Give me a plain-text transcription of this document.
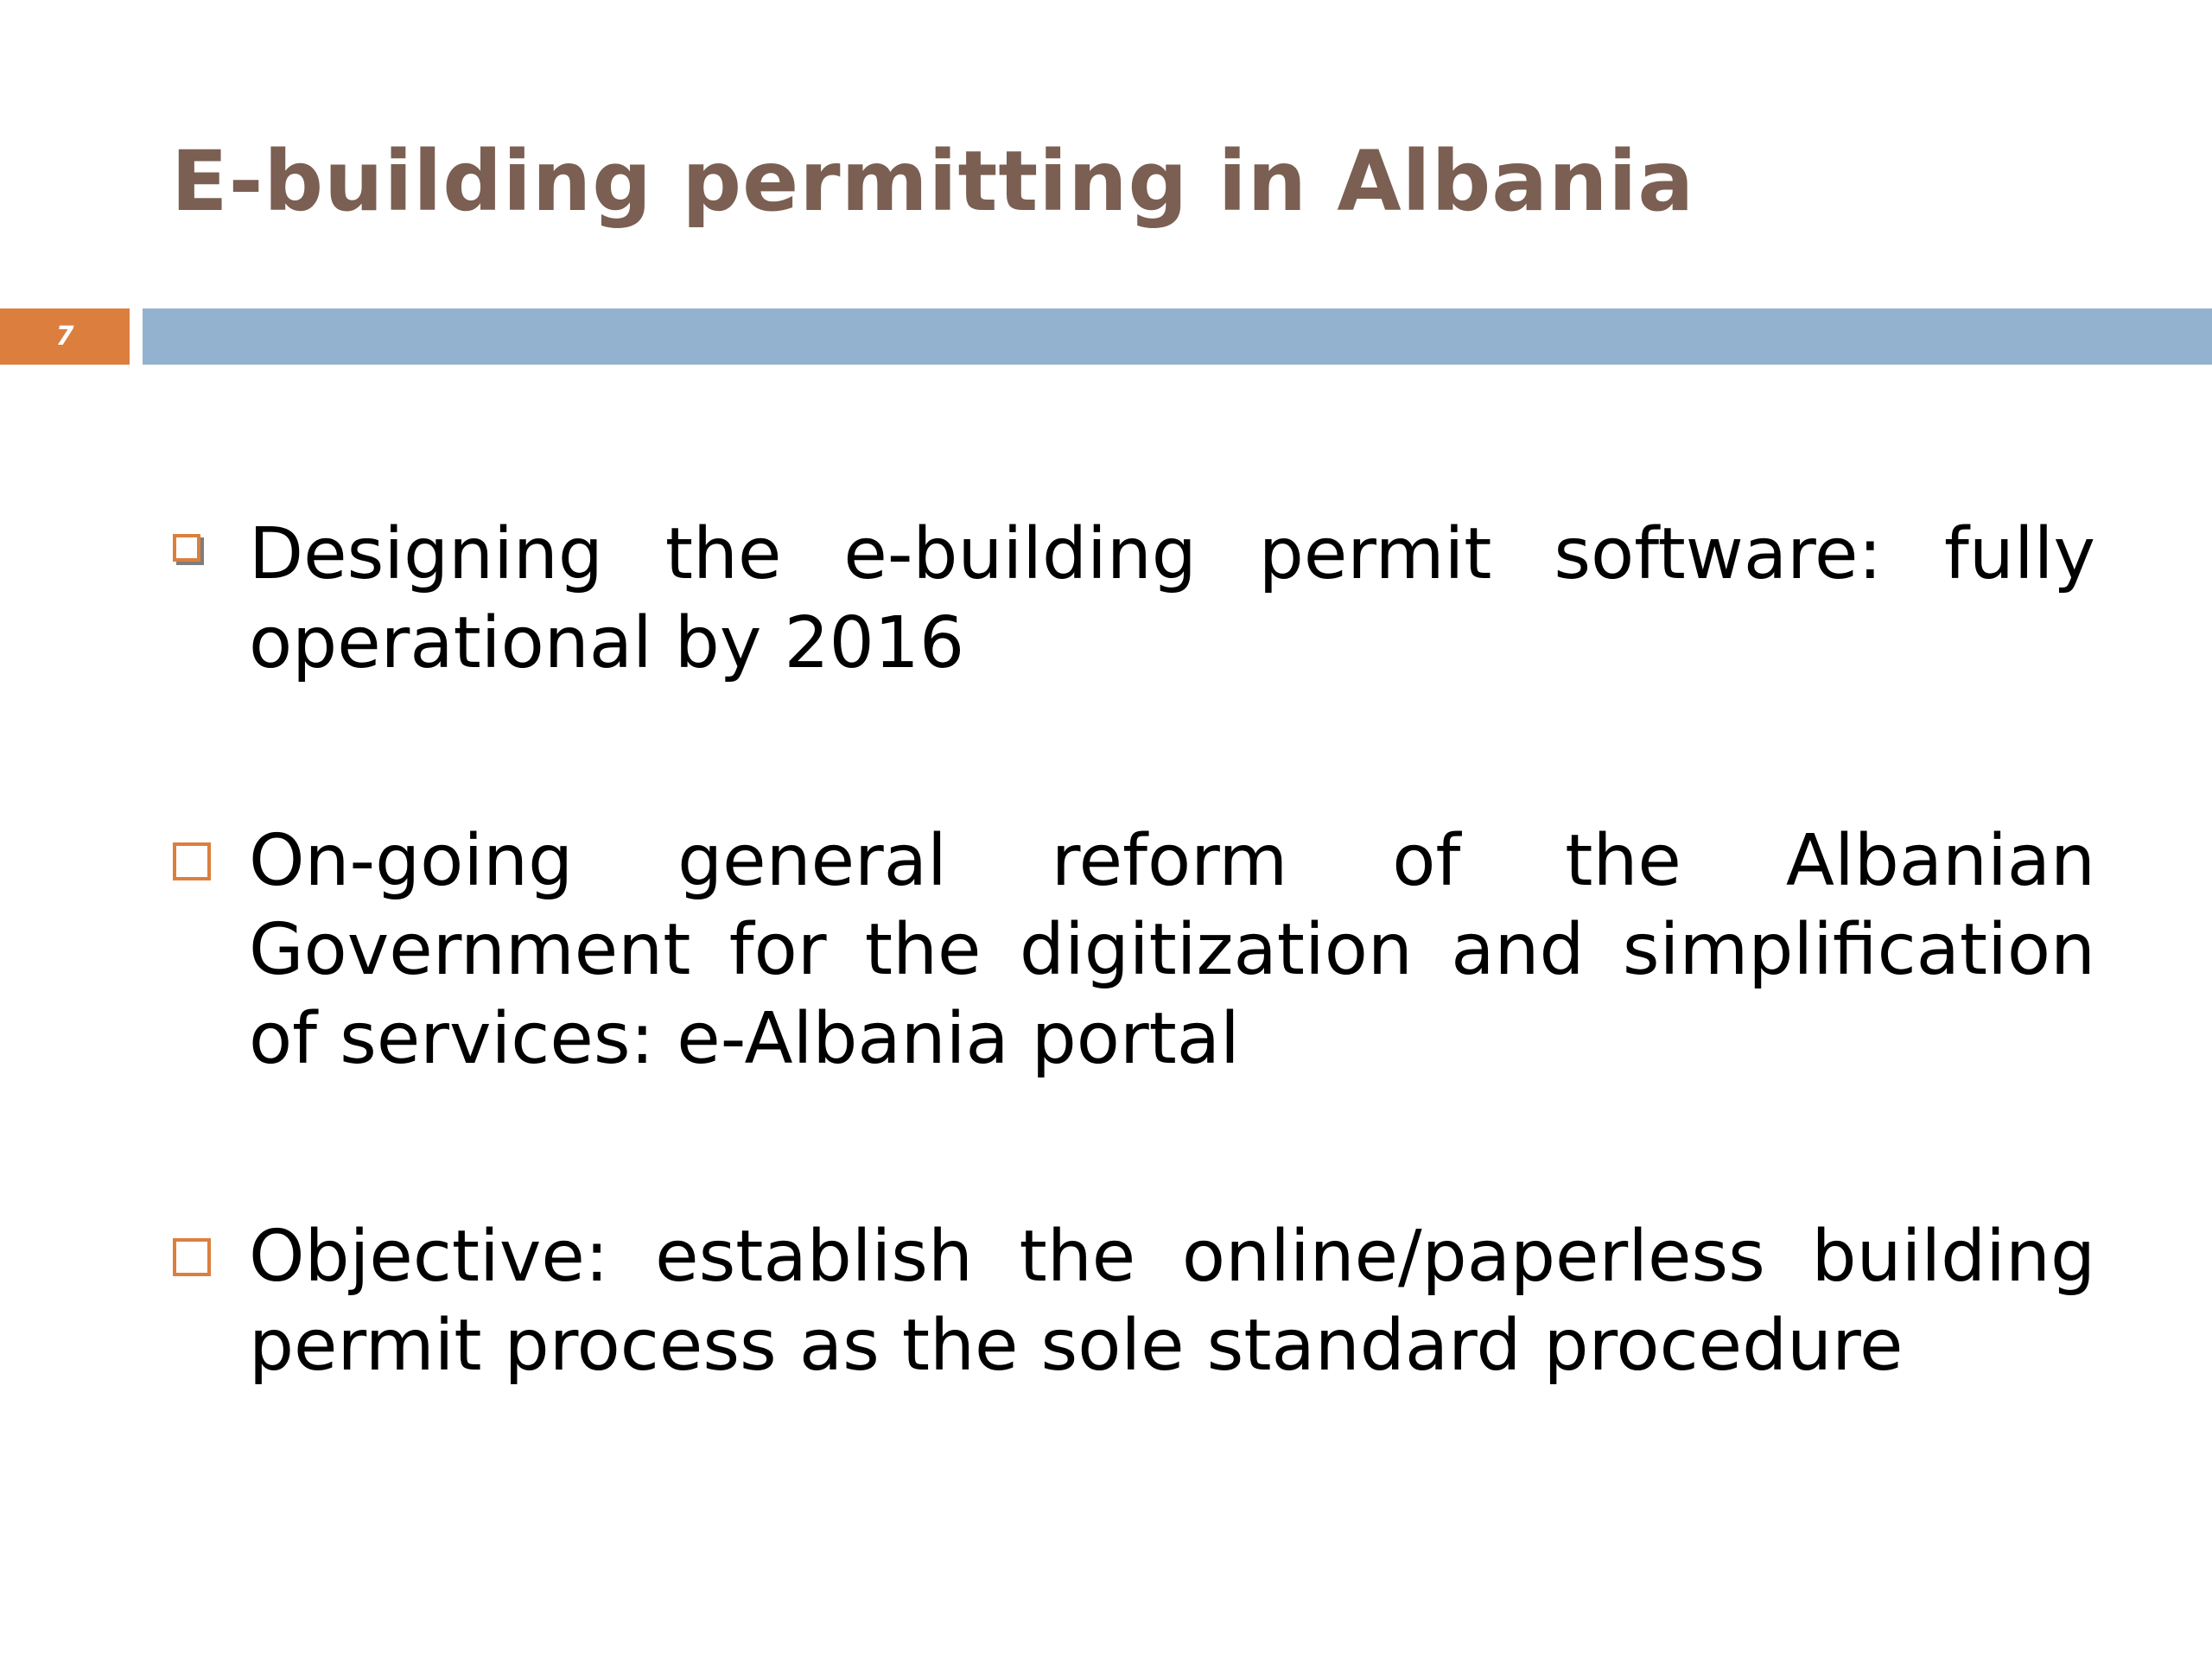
E-building permitting in Albania
7

Designing the e-building permit software: fully operational by 2016

On-going general reform of the Albanian Government for the digitization and simplification of services: e-Albania portal

Objective: establish the online/paperless building permit process as the sole standard procedure
